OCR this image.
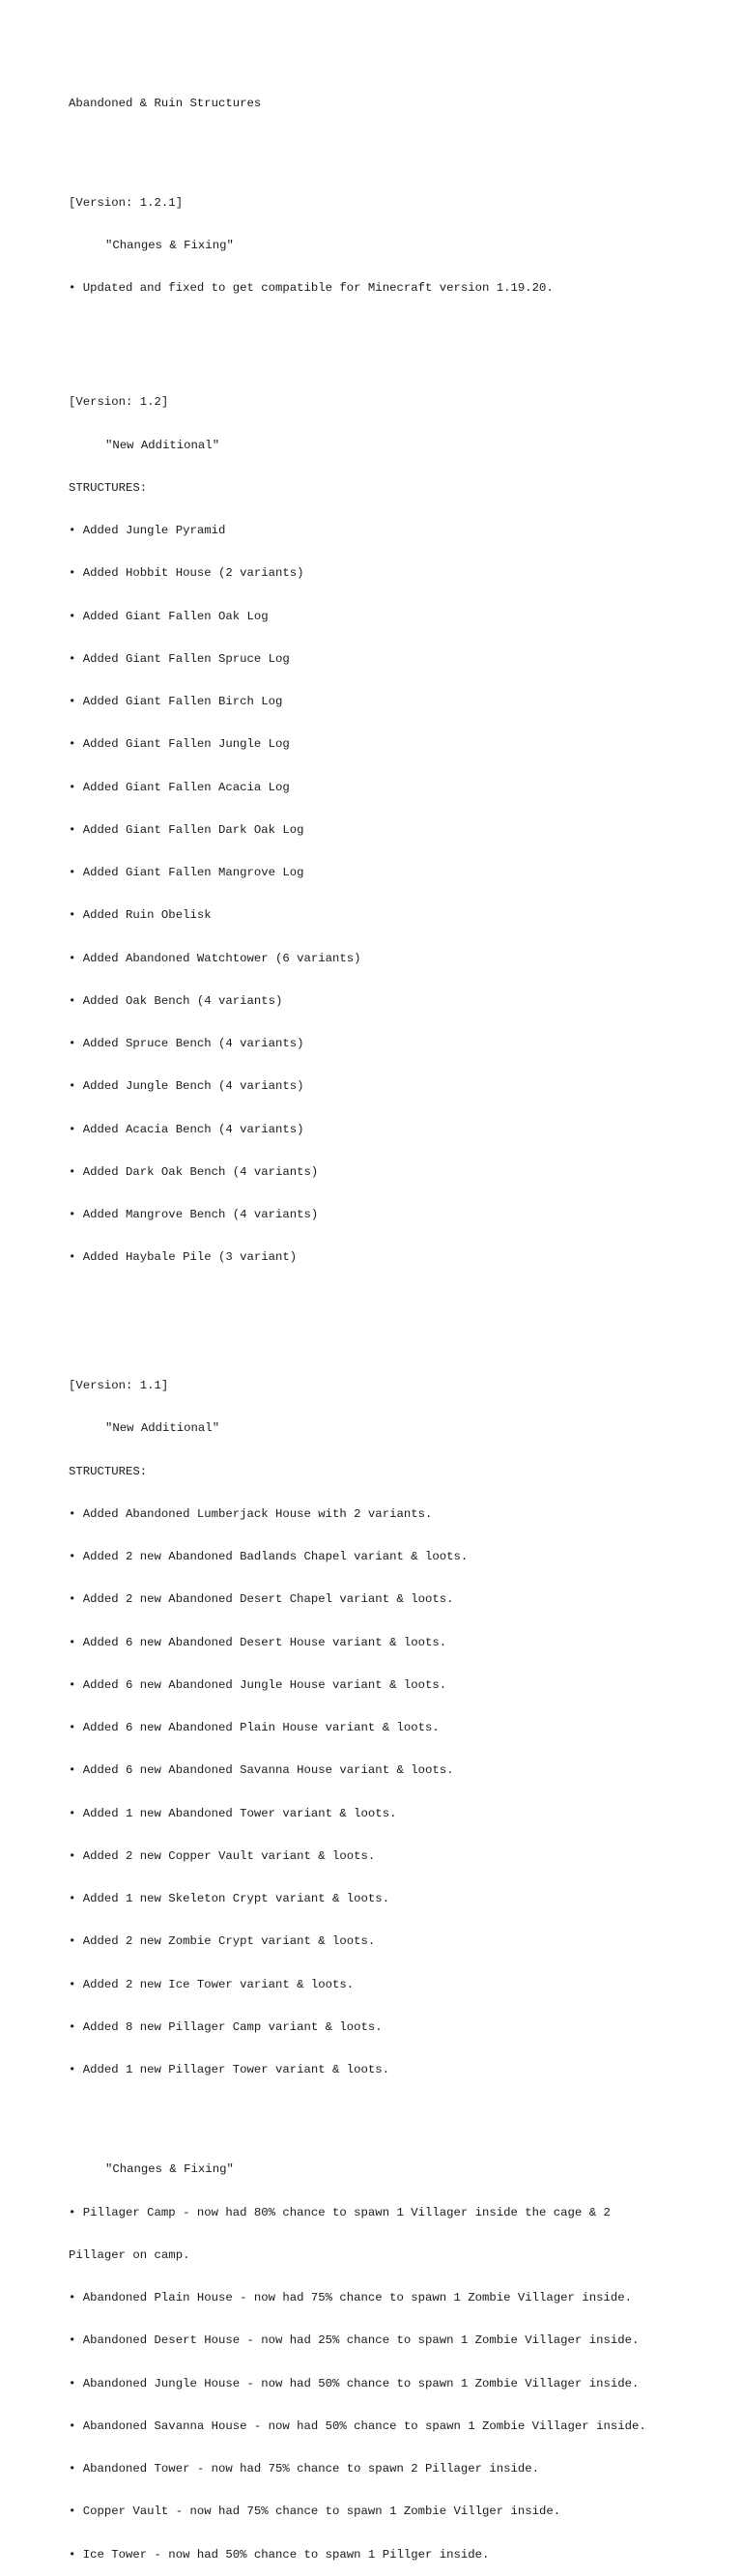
Abandoned & Ruin Structures

[Version: 1.2.1]

"Changes & Fixing"

• Updated and fixed to get compatible for Minecraft version 1.19.20.

[Version: 1.2]

"New Additional"

STRUCTURES:

• Added Jungle Pyramid

• Added Hobbit House (2 variants)

• Added Giant Fallen Oak Log

• Added Giant Fallen Spruce Log

• Added Giant Fallen Birch Log

• Added Giant Fallen Jungle Log

• Added Giant Fallen Acacia Log

• Added Giant Fallen Dark Oak Log

• Added Giant Fallen Mangrove Log

• Added Ruin Obelisk

• Added Abandoned Watchtower (6 variants)

• Added Oak Bench (4 variants)

• Added Spruce Bench (4 variants)

• Added Jungle Bench (4 variants)

• Added Acacia Bench (4 variants)

• Added Dark Oak Bench (4 variants)

• Added Mangrove Bench (4 variants)

• Added Haybale Pile (3 variant)

[Version: 1.1]

"New Additional"

STRUCTURES:

• Added Abandoned Lumberjack House with 2 variants.

• Added 2 new Abandoned Badlands Chapel variant & loots.

• Added 2 new Abandoned Desert Chapel variant & loots.

• Added 6 new Abandoned Desert House variant & loots.

• Added 6 new Abandoned Jungle House variant & loots.

• Added 6 new Abandoned Plain House variant & loots.

• Added 6 new Abandoned Savanna House variant & loots.

• Added 1 new Abandoned Tower variant & loots.

• Added 2 new Copper Vault variant & loots.

• Added 1 new Skeleton Crypt variant & loots.

• Added 2 new Zombie Crypt variant & loots.

• Added 2 new Ice Tower variant & loots.

• Added 8 new Pillager Camp variant & loots.

• Added 1 new Pillager Tower variant & loots.

"Changes & Fixing"

• Pillager Camp - now had 80% chance to spawn 1 Villager inside the cage & 2

Pillager on camp.

• Abandoned Plain House - now had 75% chance to spawn 1 Zombie Villager inside.

• Abandoned Desert House - now had 25% chance to spawn 1 Zombie Villager inside.

• Abandoned Jungle House - now had 50% chance to spawn 1 Zombie Villager inside.

• Abandoned Savanna House - now had 50% chance to spawn 1 Zombie Villager inside.

• Abandoned Tower - now had 75% chance to spawn 2 Pillager inside.

• Copper Vault - now had 75% chance to spawn 1 Zombie Villger inside.

• Ice Tower - now had 50% chance to spawn 1 Pillger inside.
